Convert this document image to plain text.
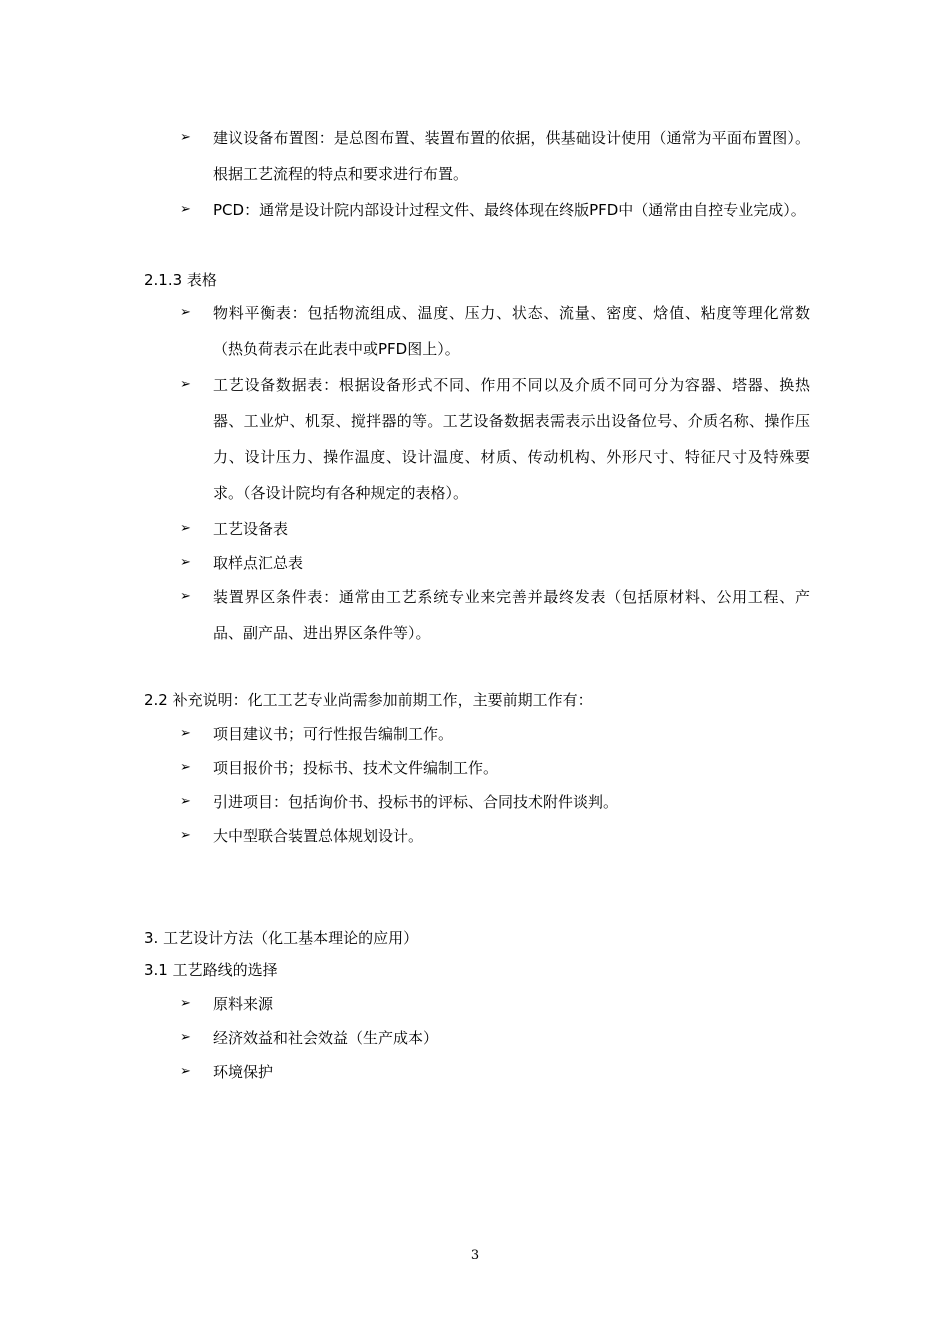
➢ 建议设备布置图：是总图布置、装置布置的依据，供基础设计使用（通常为平面布置图）。根据工艺流程的特点和要求进行布置。
➢ PCD：通常是设计院内部设计过程文件、最终体现在终版PFD中（通常由自控专业完成）。
2.1.3 表格
➢ 物料平衡表：包括物流组成、温度、压力、状态、流量、密度、焓值、粘度等理化常数（热负荷表示在此表中或PFD图上）。
➢ 工艺设备数据表：根据设备形式不同、作用不同以及介质不同可分为容器、塔器、换热器、工业炉、机泵、搅拌器的等。工艺设备数据表需表示出设备位号、介质名称、操作压力、设计压力、操作温度、设计温度、材质、传动机构、外形尺寸、特征尺寸及特殊要求。（各设计院均有各种规定的表格）。
➢ 工艺设备表
➢ 取样点汇总表
➢ 装置界区条件表：通常由工艺系统专业来完善并最终发表（包括原材料、公用工程、产品、副产品、进出界区条件等）。
2.2 补充说明：化工工艺专业尚需参加前期工作，主要前期工作有：
➢ 项目建议书；可行性报告编制工作。
➢ 项目报价书；投标书、技术文件编制工作。
➢ 引进项目：包括询价书、投标书的评标、合同技术附件谈判。
➢ 大中型联合装置总体规划设计。
3. 工艺设计方法（化工基本理论的应用）
3.1 工艺路线的选择
➢ 原料来源
➢ 经济效益和社会效益（生产成本）
➢ 环境保护
3
